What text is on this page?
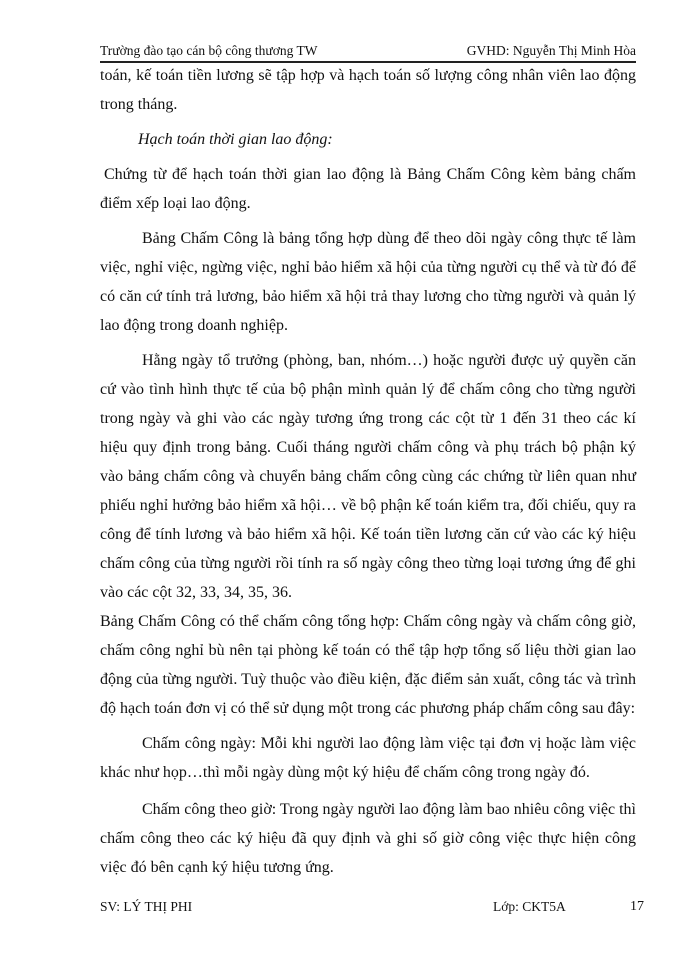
Trường đào tạo cán bộ công thương TW	GVHD: Nguyễn Thị Minh Hòa

toán, kế toán tiền lương sẽ tập hợp và hạch toán số lượng công nhân viên lao động trong tháng.

Hạch toán thời gian lao động:

Chứng từ để hạch toán thời gian lao động là Bảng Chấm Công kèm bảng chấm điểm xếp loại lao động.

Bảng Chấm Công là bảng tổng hợp dùng để theo dõi ngày công thực tế làm việc, nghỉ việc, ngừng việc, nghỉ bảo hiểm xã hội của từng người cụ thể và từ đó để có căn cứ tính trả lương, bảo hiểm xã hội trả thay lương cho từng người và quản lý lao động trong doanh nghiệp.

Hằng ngày tổ trưởng (phòng, ban, nhóm…) hoặc người được uỷ quyền căn cứ vào tình hình thực tế của bộ phận mình quản lý để chấm công cho từng người trong ngày và ghi vào các ngày tương ứng trong các cột từ 1 đến 31 theo các kí hiệu quy định trong bảng. Cuối tháng người chấm công và phụ trách bộ phận ký vào bảng chấm công và chuyển bảng chấm công cùng các chứng từ liên quan như phiếu nghỉ hưởng bảo hiểm xã hội… về bộ phận kế toán kiểm tra, đối chiếu, quy ra công để tính lương và bảo hiểm xã hội. Kế toán tiền lương căn cứ vào các ký hiệu chấm công của từng người rồi tính ra số ngày công theo từng loại tương ứng để ghi vào các cột 32, 33, 34, 35, 36.

Bảng Chấm Công có thể chấm công tổng hợp: Chấm công ngày và chấm công giờ, chấm công nghỉ bù nên tại phòng kế toán có thể tập hợp tổng số liệu thời gian lao động của từng người. Tuỳ thuộc vào điều kiện, đặc điểm sản xuất, công tác và trình độ hạch toán đơn vị có thể sử dụng một trong các phương pháp chấm công sau đây:

Chấm công ngày: Mỗi khi người lao động làm việc tại đơn vị hoặc làm việc khác như họp…thì mỗi ngày dùng một ký hiệu để chấm công trong ngày đó.

Chấm công theo giờ: Trong ngày người lao động làm bao nhiêu công việc thì chấm công theo các ký hiệu đã quy định và ghi số giờ công việc thực hiện công việc đó bên cạnh ký hiệu tương ứng.

SV: LÝ THỊ PHI	Lớp: CKT5A	17
